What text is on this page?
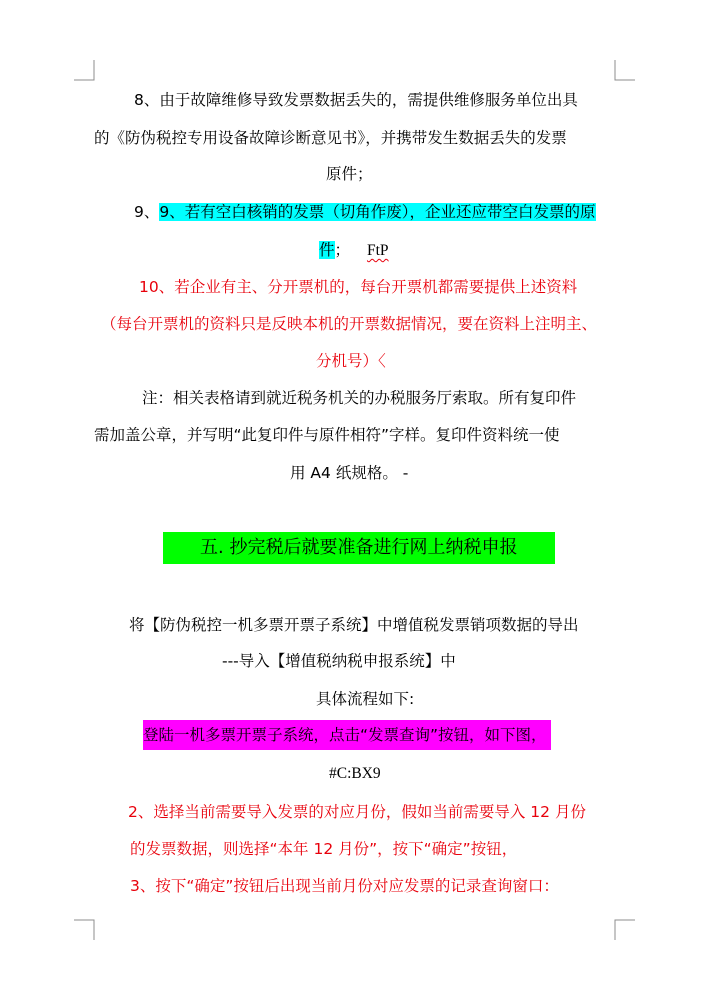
8、由于故障维修导致发票数据丢失的，需提供维修服务单位出具
的《防伪税控专用设备故障诊断意见书》，并携带发生数据丢失的发票
原件；
9、9、若有空白核销的发票（切角作废），企业还应带空白发票的原
件； FtP
10、若企业有主、分开票机的，每台开票机都需要提供上述资料
（每台开票机的资料只是反映本机的开票数据情况，要在资料上注明主、
分机号）〈
注：相关表格请到就近税务机关的办税服务厅索取。所有复印件
需加盖公章，并写明“此复印件与原件相符”字样。复印件资料统一使
用 A4 纸规格。 -
五. 抄完税后就要准备进行网上纳税申报
将【防伪税控一机多票开票子系统】中增值税发票销项数据的导出
---导入【增值税纳税申报系统】中
具体流程如下:
登陆一机多票开票子系统，点击“发票查询”按钮，如下图，
#C:BX9
2、选择当前需要导入发票的对应月份，假如当前需要导入 12 月份
的发票数据，则选择“本年 12 月份”，按下“确定”按钮，
3、按下“确定”按钮后出现当前月份对应发票的记录查询窗口：
